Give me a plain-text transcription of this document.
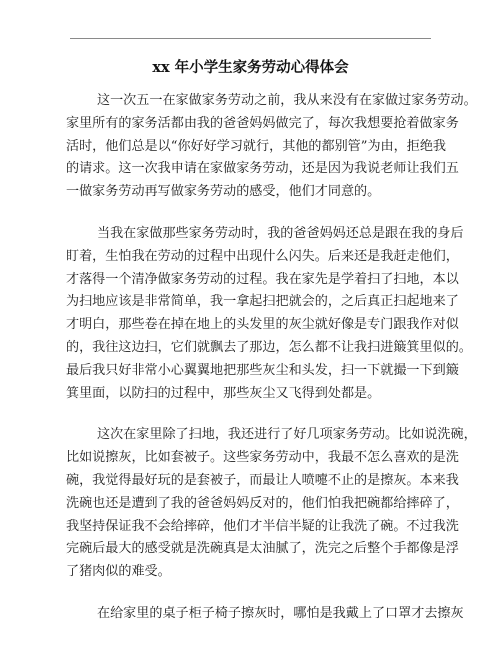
xx 年小学生家务劳动心得体会
这一次五一在家做家务劳动之前，我从来没有在家做过家务劳动。
家里所有的家务活都由我的爸爸妈妈做完了，每次我想要抢着做家务
活时，他们总是以“你好好学习就行，其他的都别管”为由，拒绝我
的请求。这一次我申请在家做家务劳动，还是因为我说老师让我们五
一做家务劳动再写做家务劳动的感受，他们才同意的。
当我在家做那些家务劳动时，我的爸爸妈妈还总是跟在我的身后
盯着，生怕我在劳动的过程中出现什么闪失。后来还是我赶走他们，
才落得一个清净做家务劳动的过程。我在家先是学着扫了扫地，本以
为扫地应该是非常简单，我一拿起扫把就会的，之后真正扫起地来了
才明白，那些卷在掉在地上的头发里的灰尘就好像是专门跟我作对似
的，我往这边扫，它们就飘去了那边，怎么都不让我扫进簸箕里似的。
最后我只好非常小心翼翼地把那些灰尘和头发，扫一下就撮一下到簸
箕里面，以防扫的过程中，那些灰尘又飞得到处都是。
这次在家里除了扫地，我还进行了好几项家务劳动。比如说洗碗，
比如说擦灰，比如套被子。这些家务劳动中，我最不怎么喜欢的是洗
碗，我觉得最好玩的是套被子，而最让人喷嚏不止的是擦灰。本来我
洗碗也还是遭到了我的爸爸妈妈反对的，他们怕我把碗都给摔碎了，
我坚持保证我不会给摔碎，他们才半信半疑的让我洗了碗。不过我洗
完碗后最大的感受就是洗碗真是太油腻了，洗完之后整个手都像是浮
了猪肉似的难受。
在给家里的桌子柜子椅子擦灰时，哪怕是我戴上了口罩才去擦灰
